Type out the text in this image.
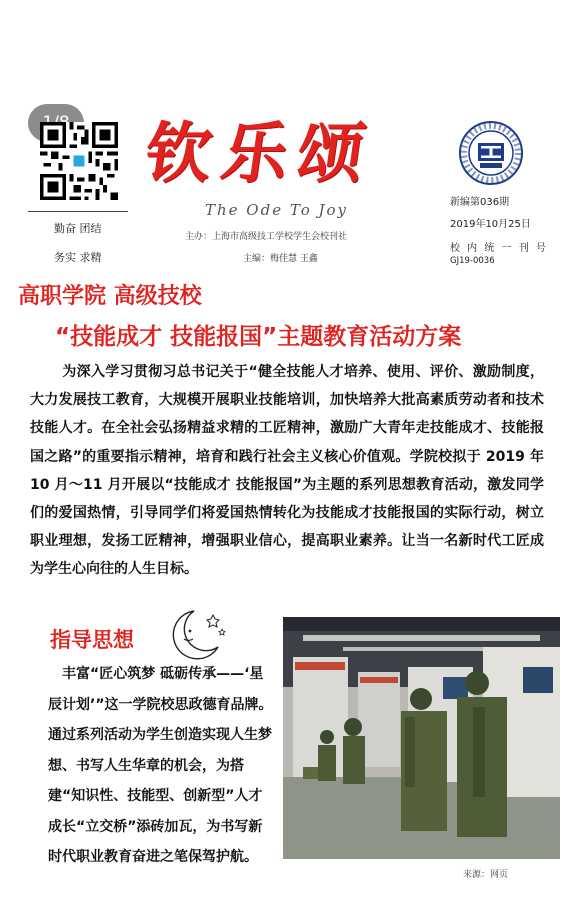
勤奋 团结
务实 求精
钦乐颂
The Ode To Joy
主办：上海市高级技工学校学生会校刊社
主编：梅佳慧 王鑫
新编第036期
2019年10月25日
校 内 统 一 刊 号
GJ19-0036
高职学院 高级技校
“技能成才 技能报国”主题教育活动方案

为深入学习贯彻习总书记关于“健全技能人才培养、使用、评价、激励制度，大力发展技工教育，大规模开展职业技能培训，加快培养大批高素质劳动者和技术技能人才。在全社会弘扬精益求精的工匠精神，激励广大青年走技能成才、技能报国之路”的重要指示精神，培育和践行社会主义核心价值观。学院校拟于 2019 年 10 月～11 月开展以“技能成才 技能报国”为主题的系列思想教育活动，激发同学们的爱国热情，引导同学们将爱国热情转化为技能成才技能报国的实际行动，树立职业理想，发扬工匠精神，增强职业信心，提高职业素养。让当一名新时代工匠成为学生心向往的人生目标。

指导思想

丰富“匠心筑梦 砥砺传承——‘星辰计划’”这一学院校思政德育品牌。通过系列活动为学生创造实现人生梦想、书写人生华章的机会，为搭建“知识性、技能型、创新型”人才成长“立交桥”添砖加瓦，为书写新时代职业教育奋进之笔保驾护航。

来源：网页
